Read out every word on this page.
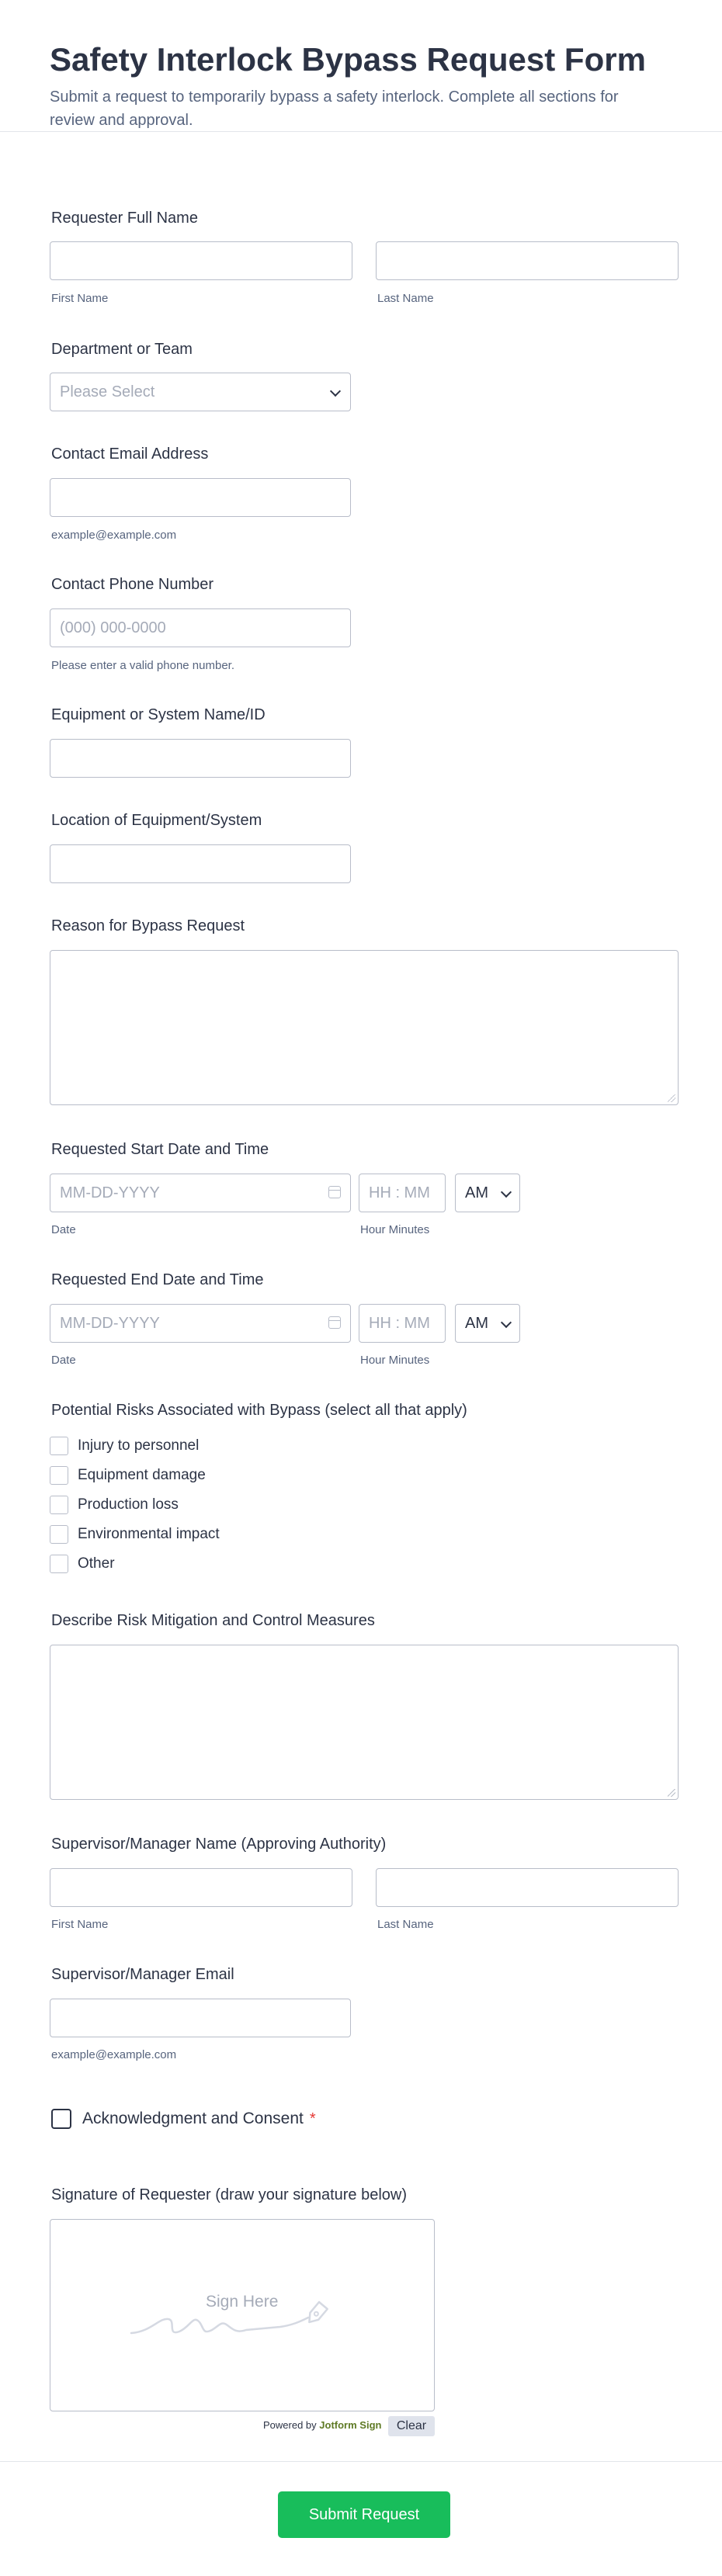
Safety Interlock Bypass Request Form

Submit a request to temporarily bypass a safety interlock. Complete all sections for review and approval.

Requester Full Name
First Name	Last Name
Department or Team
Please Select
Contact Email Address
example@example.com
Contact Phone Number
(000) 000-0000
Please enter a valid phone number.
Equipment or System Name/ID
Location of Equipment/System
Reason for Bypass Request
Requested Start Date and Time
MM-DD-YYYY	HH : MM AM
Date	Hour Minutes
Requested End Date and Time
MM-DD-YYYY	HH : MM AM
Date	Hour Minutes
Potential Risks Associated with Bypass (select all that apply)
Injury to personnel
Equipment damage
Production loss
Environmental impact
Other
Describe Risk Mitigation and Control Measures
Supervisor/Manager Name (Approving Authority)
First Name	Last Name
Supervisor/Manager Email
example@example.com
Acknowledgment and Consent *
Signature of Requester (draw your signature below)
Sign Here
Powered by Jotform Sign	Clear
Submit Request
